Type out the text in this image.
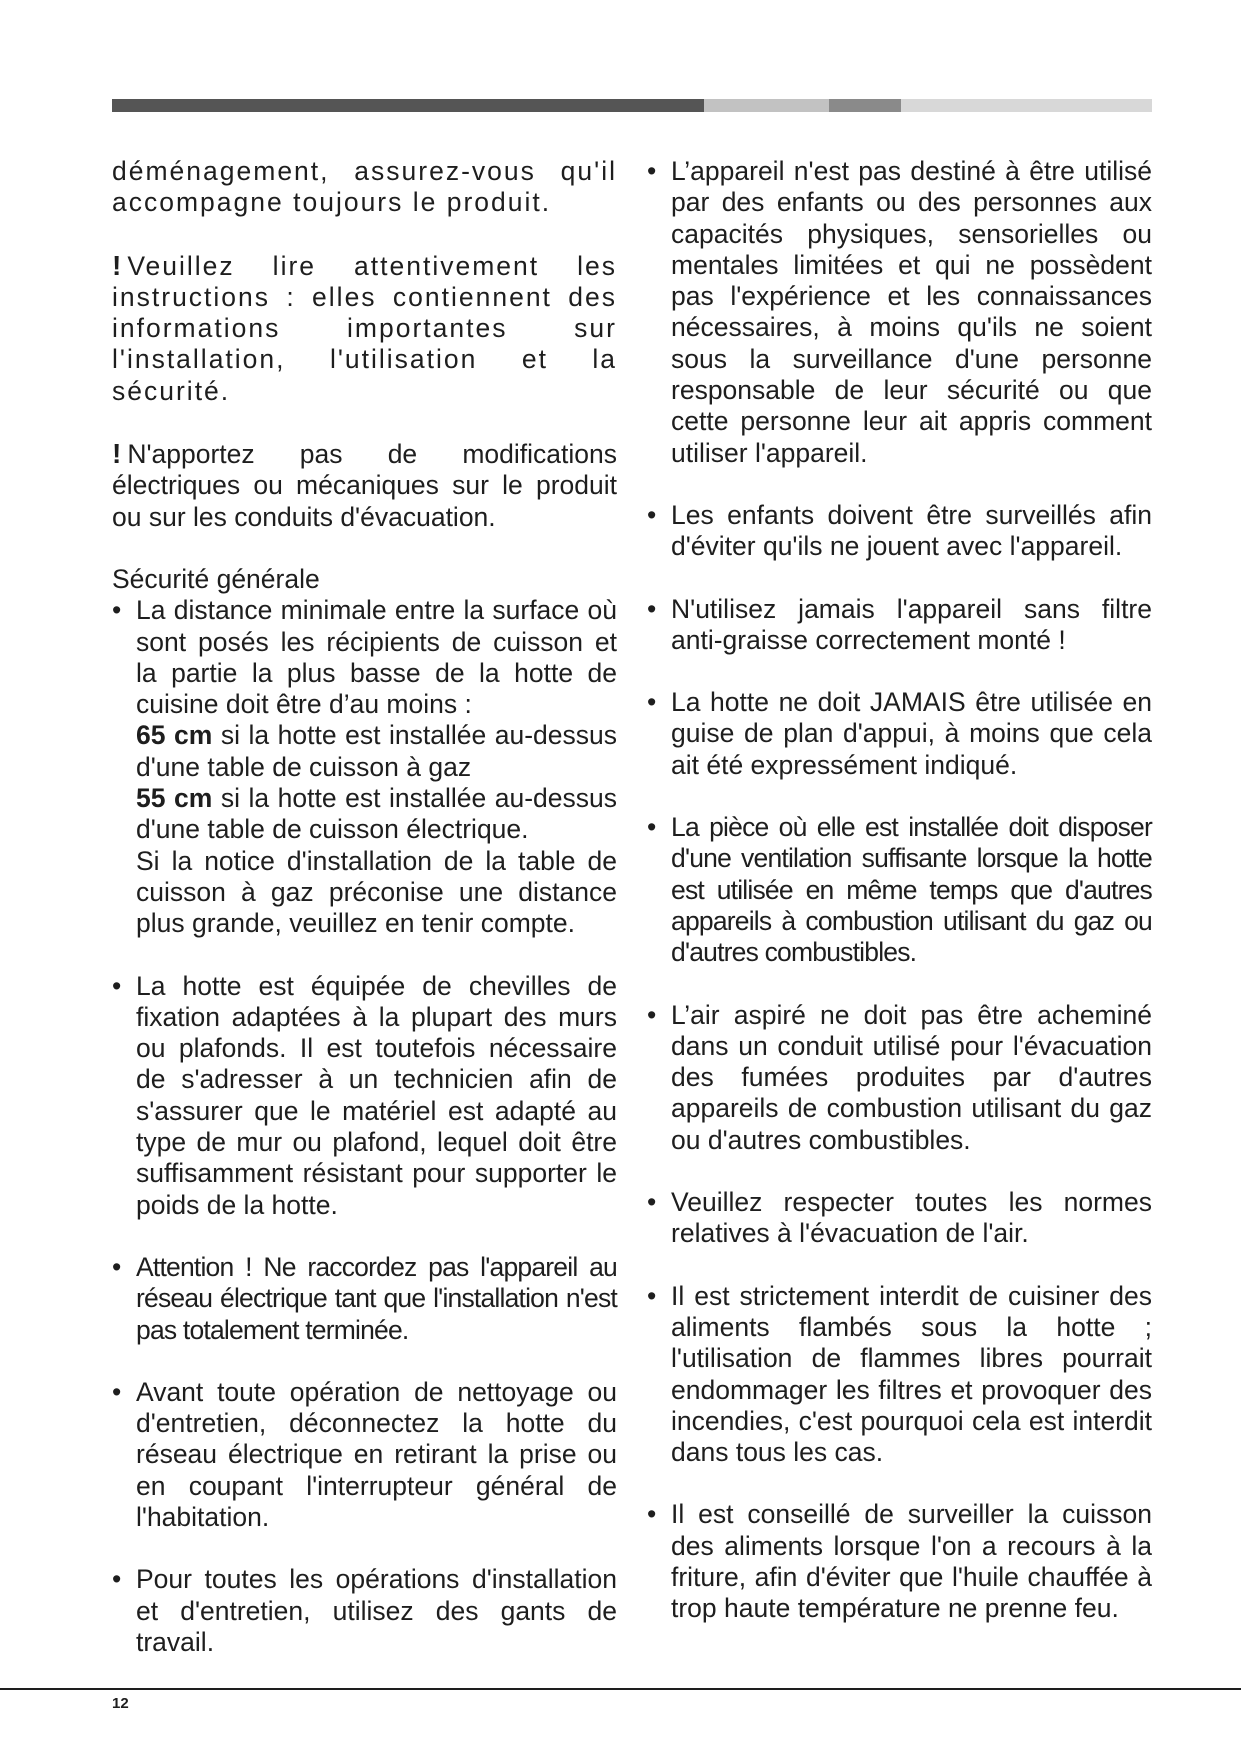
déménagement, assurez-vous qu'il accompagne toujours le produit.

! Veuillez lire attentivement les instructions : elles contiennent des informations importantes sur l'installation, l'utilisation et la sécurité.

! N'apportez pas de modifications électriques ou mécaniques sur le produit ou sur les conduits d'évacuation.

Sécurité générale

• La distance minimale entre la surface où sont posés les récipients de cuisson et la partie la plus basse de la hotte de cuisine doit être d’au moins :
65 cm si la hotte est installée au-dessus d'une table de cuisson à gaz
55 cm si la hotte est installée au-dessus d'une table de cuisson électrique.
Si la notice d'installation de la table de cuisson à gaz préconise une distance plus grande, veuillez en tenir compte.
• La hotte est équipée de chevilles de fixation adaptées à la plupart des murs ou plafonds. Il est toutefois nécessaire de s'adresser à un technicien afin de s'assurer que le matériel est adapté au type de mur ou plafond, lequel doit être suffisamment résistant pour supporter le poids de la hotte.
• Attention ! Ne raccordez pas l'appareil au réseau électrique tant que l'installation n'est pas totalement terminée.
• Avant toute opération de nettoyage ou d'entretien, déconnectez la hotte du réseau électrique en retirant la prise ou en coupant l'interrupteur général de l'habitation.
• Pour toutes les opérations d'installation et d'entretien, utilisez des gants de travail.
• L’appareil n'est pas destiné à être utilisé par des enfants ou des personnes aux capacités physiques, sensorielles ou mentales limitées et qui ne possèdent pas l'expérience et les connaissances nécessaires, à moins qu'ils ne soient sous la surveillance d'une personne responsable de leur sécurité ou que cette personne leur ait appris comment utiliser l'appareil.
• Les enfants doivent être surveillés afin d'éviter qu'ils ne jouent avec l'appareil.
• N'utilisez jamais l'appareil sans filtre anti-graisse correctement monté !
• La hotte ne doit JAMAIS être utilisée en guise de plan d'appui, à moins que cela ait été expressément indiqué.
• La pièce où elle est installée doit disposer d'une ventilation suffisante lorsque la hotte est utilisée en même temps que d'autres appareils à combustion utilisant du gaz ou d'autres combustibles.
• L’air aspiré ne doit pas être acheminé dans un conduit utilisé pour l'évacuation des fumées produites par d'autres appareils de combustion utilisant du gaz ou d'autres combustibles.
• Veuillez respecter toutes les normes relatives à l'évacuation de l'air.
• Il est strictement interdit de cuisiner des aliments flambés sous la hotte ; l'utilisation de flammes libres pourrait endommager les filtres et provoquer des incendies, c'est pourquoi cela est interdit dans tous les cas.
• Il est conseillé de surveiller la cuisson des aliments lorsque l'on a recours à la friture, afin d'éviter que l'huile chauffée à trop haute température ne prenne feu.
12
